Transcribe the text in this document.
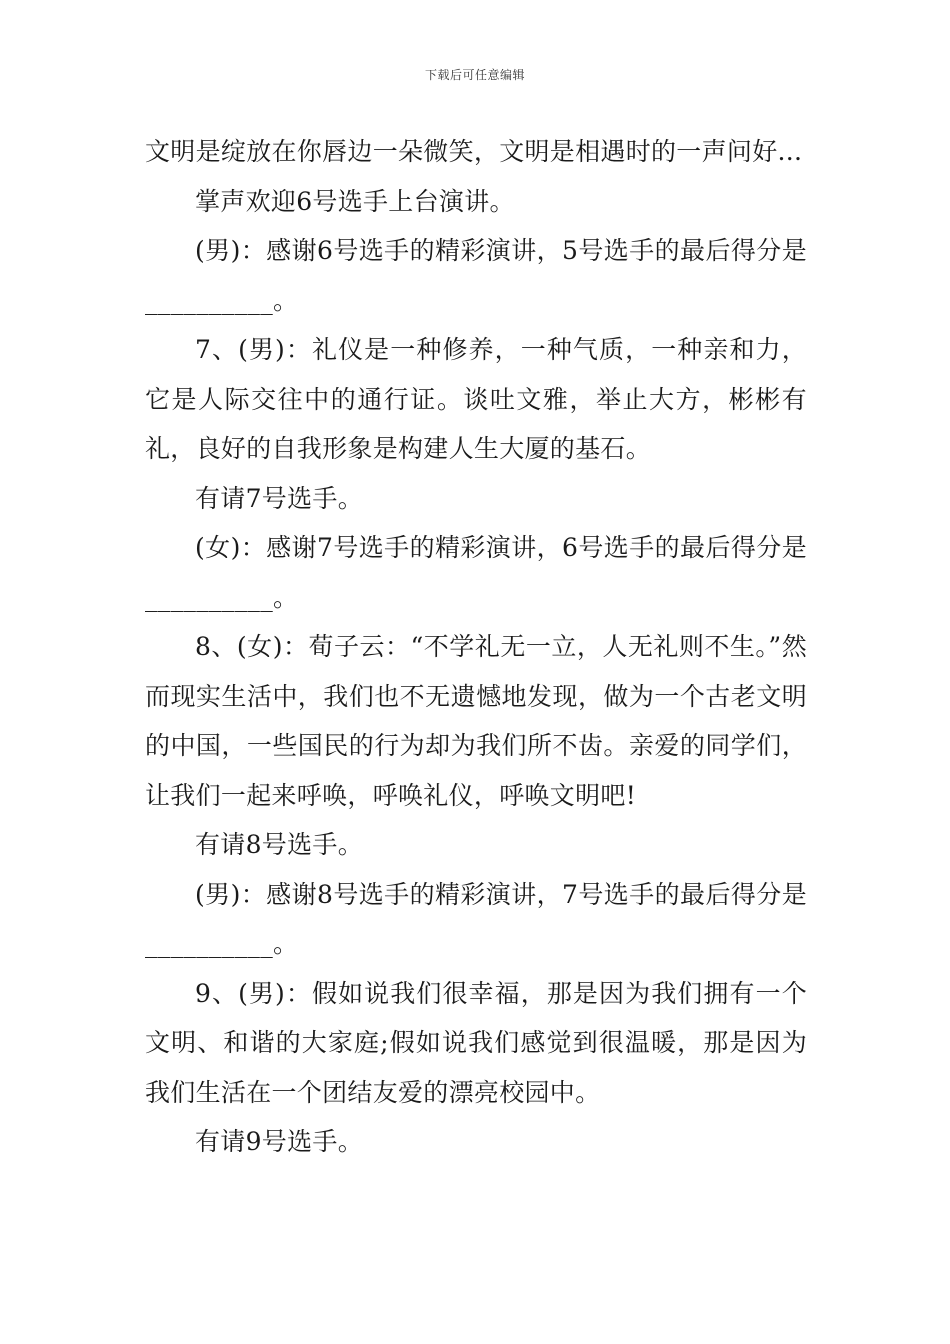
下载后可任意编辑

文明是绽放在你唇边一朵微笑，文明是相遇时的一声问好...

掌声欢迎6号选手上台演讲。

(男)：感谢6号选手的精彩演讲，5号选手的最后得分是__________。

7、(男)：礼仪是一种修养，一种气质，一种亲和力，它是人际交往中的通行证。谈吐文雅，举止大方，彬彬有礼，良好的自我形象是构建人生大厦的基石。

有请7号选手。

(女)：感谢7号选手的精彩演讲，6号选手的最后得分是__________。

8、(女)：荀子云：“不学礼无一立，人无礼则不生。”然而现实生活中，我们也不无遗憾地发现，做为一个古老文明的中国，一些国民的行为却为我们所不齿。亲爱的同学们，让我们一起来呼唤，呼唤礼仪，呼唤文明吧!

有请8号选手。

(男)：感谢8号选手的精彩演讲，7号选手的最后得分是__________。

9、(男)：假如说我们很幸福，那是因为我们拥有一个文明、和谐的大家庭;假如说我们感觉到很温暖，那是因为我们生活在一个团结友爱的漂亮校园中。

有请9号选手。
